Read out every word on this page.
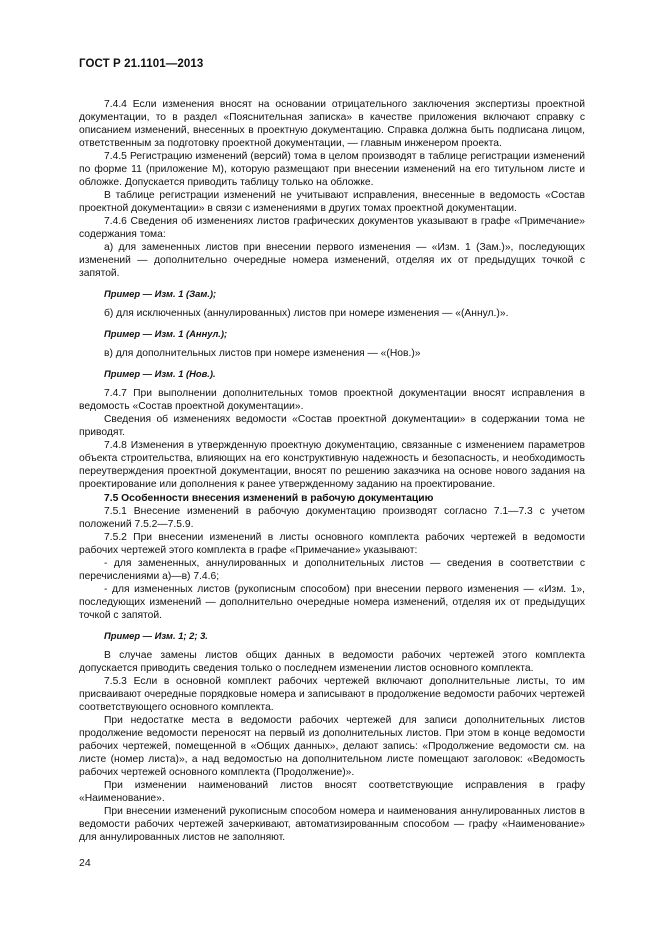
ГОСТ Р 21.1101—2013

7.4.4 Если изменения вносят на основании отрицательного заключения экспертизы проектной документации, то в раздел «Пояснительная записка» в качестве приложения включают справку с описанием изменений, внесенных в проектную документацию. Справка должна быть подписана лицом, ответственным за подготовку проектной документации, — главным инженером проекта.

7.4.5 Регистрацию изменений (версий) тома в целом производят в таблице регистрации изменений по форме 11 (приложение М), которую размещают при внесении изменений на его титульном листе и обложке. Допускается приводить таблицу только на обложке.

В таблице регистрации изменений не учитывают исправления, внесенные в ведомость «Состав проектной документации» в связи с изменениями в других томах проектной документации.

7.4.6 Сведения об изменениях листов графических документов указывают в графе «Примечание» содержания тома:

а) для замененных листов при внесении первого изменения — «Изм. 1 (Зам.)», последующих изменений — дополнительно очередные номера изменений, отделяя их от предыдущих точкой с запятой.

Пример — Изм. 1 (Зам.);

б) для исключенных (аннулированных) листов при номере изменения — «(Аннул.)».

Пример — Изм. 1 (Аннул.);

в) для дополнительных листов при номере изменения — «(Нов.)»

Пример — Изм. 1 (Нов.).

7.4.7 При выполнении дополнительных томов проектной документации вносят исправления в ведомость «Состав проектной документации».

Сведения об изменениях ведомости «Состав проектной документации» в содержании тома не приводят.

7.4.8 Изменения в утвержденную проектную документацию, связанные с изменением параметров объекта строительства, влияющих на его конструктивную надежность и безопасность, и необходимость переутверждения проектной документации, вносят по решению заказчика на основе нового задания на проектирование или дополнения к ранее утвержденному заданию на проектирование.

7.5 Особенности внесения изменений в рабочую документацию

7.5.1 Внесение изменений в рабочую документацию производят согласно 7.1—7.3 с учетом положений 7.5.2—7.5.9.

7.5.2 При внесении изменений в листы основного комплекта рабочих чертежей в ведомости рабочих чертежей этого комплекта в графе «Примечание» указывают:

- для замененных, аннулированных и дополнительных листов — сведения в соответствии с перечислениями а)—в) 7.4.6;

- для измененных листов (рукописным способом) при внесении первого изменения — «Изм. 1», последующих изменений — дополнительно очередные номера изменений, отделяя их от предыдущих точкой с запятой.

Пример — Изм. 1; 2; 3.

В случае замены листов общих данных в ведомости рабочих чертежей этого комплекта допускается приводить сведения только о последнем изменении листов основного комплекта.

7.5.3 Если в основной комплект рабочих чертежей включают дополнительные листы, то им присваивают очередные порядковые номера и записывают в продолжение ведомости рабочих чертежей соответствующего основного комплекта.

При недостатке места в ведомости рабочих чертежей для записи дополнительных листов продолжение ведомости переносят на первый из дополнительных листов. При этом в конце ведомости рабочих чертежей, помещенной в «Общих данных», делают запись: «Продолжение ведомости см. на листе (номер листа)», а над ведомостью на дополнительном листе помещают заголовок: «Ведомость рабочих чертежей основного комплекта (Продолжение)».

При изменении наименований листов вносят соответствующие исправления в графу «Наименование».

При внесении изменений рукописным способом номера и наименования аннулированных листов в ведомости рабочих чертежей зачеркивают, автоматизированным способом — графу «Наименование» для аннулированных листов не заполняют.

24
